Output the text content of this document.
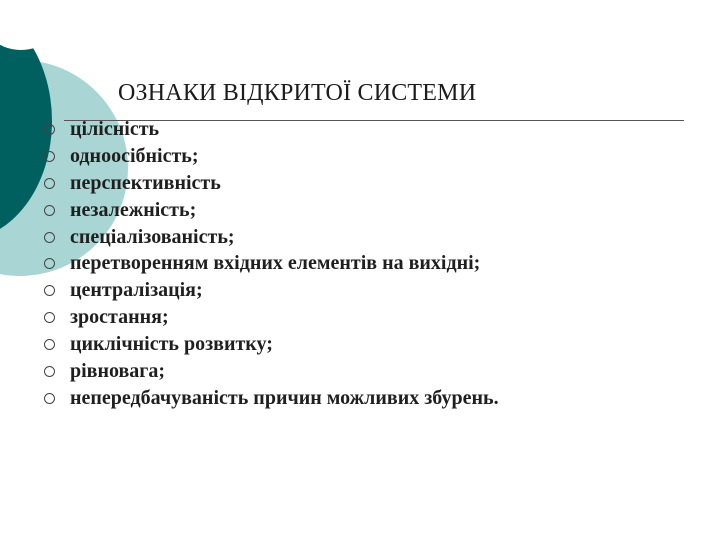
ОЗНАКИ ВІДКРИТОЇ СИСТЕМИ
цілісність
одноосібність;
перспективність
незалежність;
спеціалізованість;
перетворенням вхідних елементів на вихідні;
централізація;
зростання;
циклічність розвитку;
рівновага;
непередбачуваність причин можливих збурень.
